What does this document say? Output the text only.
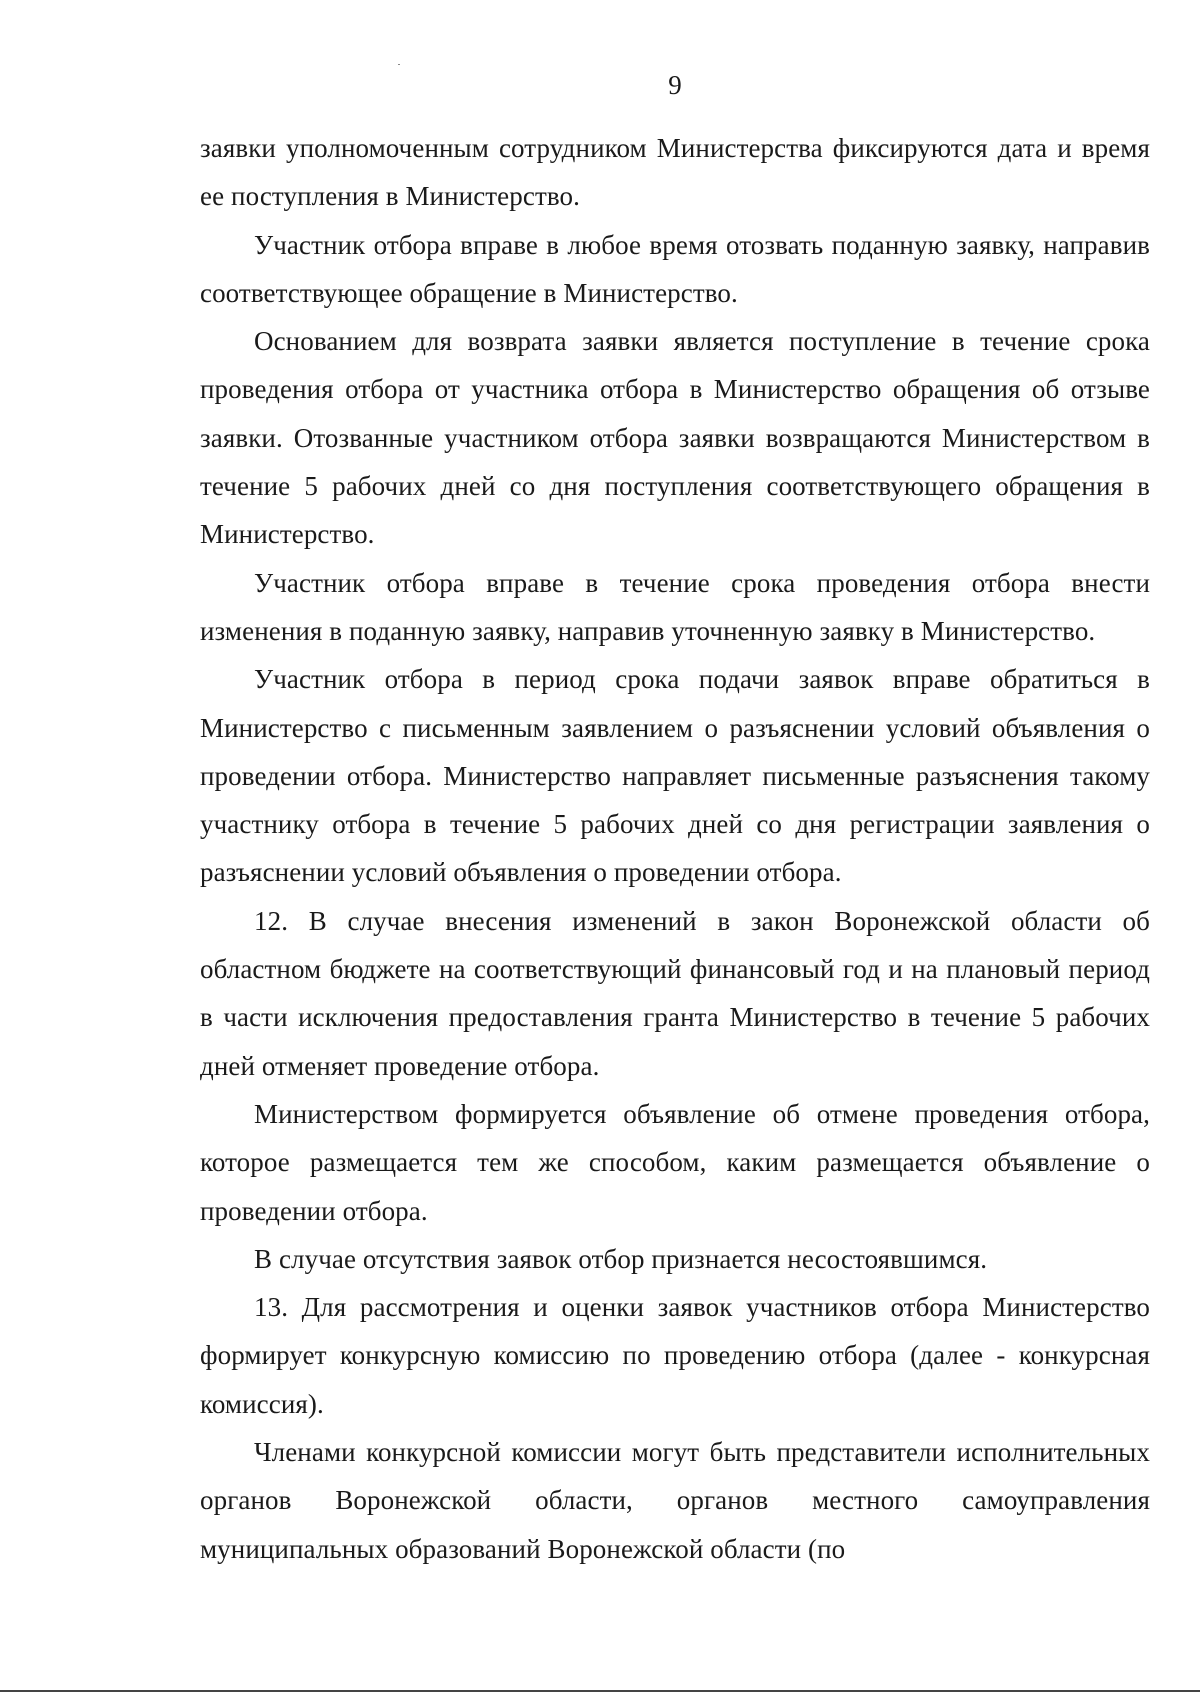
9

заявки уполномоченным сотрудником Министерства фиксируются дата и время ее поступления в Министерство.

Участник отбора вправе в любое время отозвать поданную заявку, направив соответствующее обращение в Министерство.

Основанием для возврата заявки является поступление в течение срока проведения отбора от участника отбора в Министерство обращения об отзыве заявки. Отозванные участником отбора заявки возвращаются Министерством в течение 5 рабочих дней со дня поступления соответствующего обращения в Министерство.

Участник отбора вправе в течение срока проведения отбора внести изменения в поданную заявку, направив уточненную заявку в Министерство.

Участник отбора в период срока подачи заявок вправе обратиться в Министерство с письменным заявлением о разъяснении условий объявления о проведении отбора. Министерство направляет письменные разъяснения такому участнику отбора в течение 5 рабочих дней со дня регистрации заявления о разъяснении условий объявления о проведении отбора.

12. В случае внесения изменений в закон Воронежской области об областном бюджете на соответствующий финансовый год и на плановый период в части исключения предоставления гранта Министерство в течение 5 рабочих дней отменяет проведение отбора.

Министерством формируется объявление об отмене проведения отбора, которое размещается тем же способом, каким размещается объявление о проведении отбора.

В случае отсутствия заявок отбор признается несостоявшимся.

13. Для рассмотрения и оценки заявок участников отбора Министерство формирует конкурсную комиссию по проведению отбора (далее - конкурсная комиссия).

Членами конкурсной комиссии могут быть представители исполнительных органов Воронежской области, органов местного самоуправления муниципальных образований Воронежской области (по
